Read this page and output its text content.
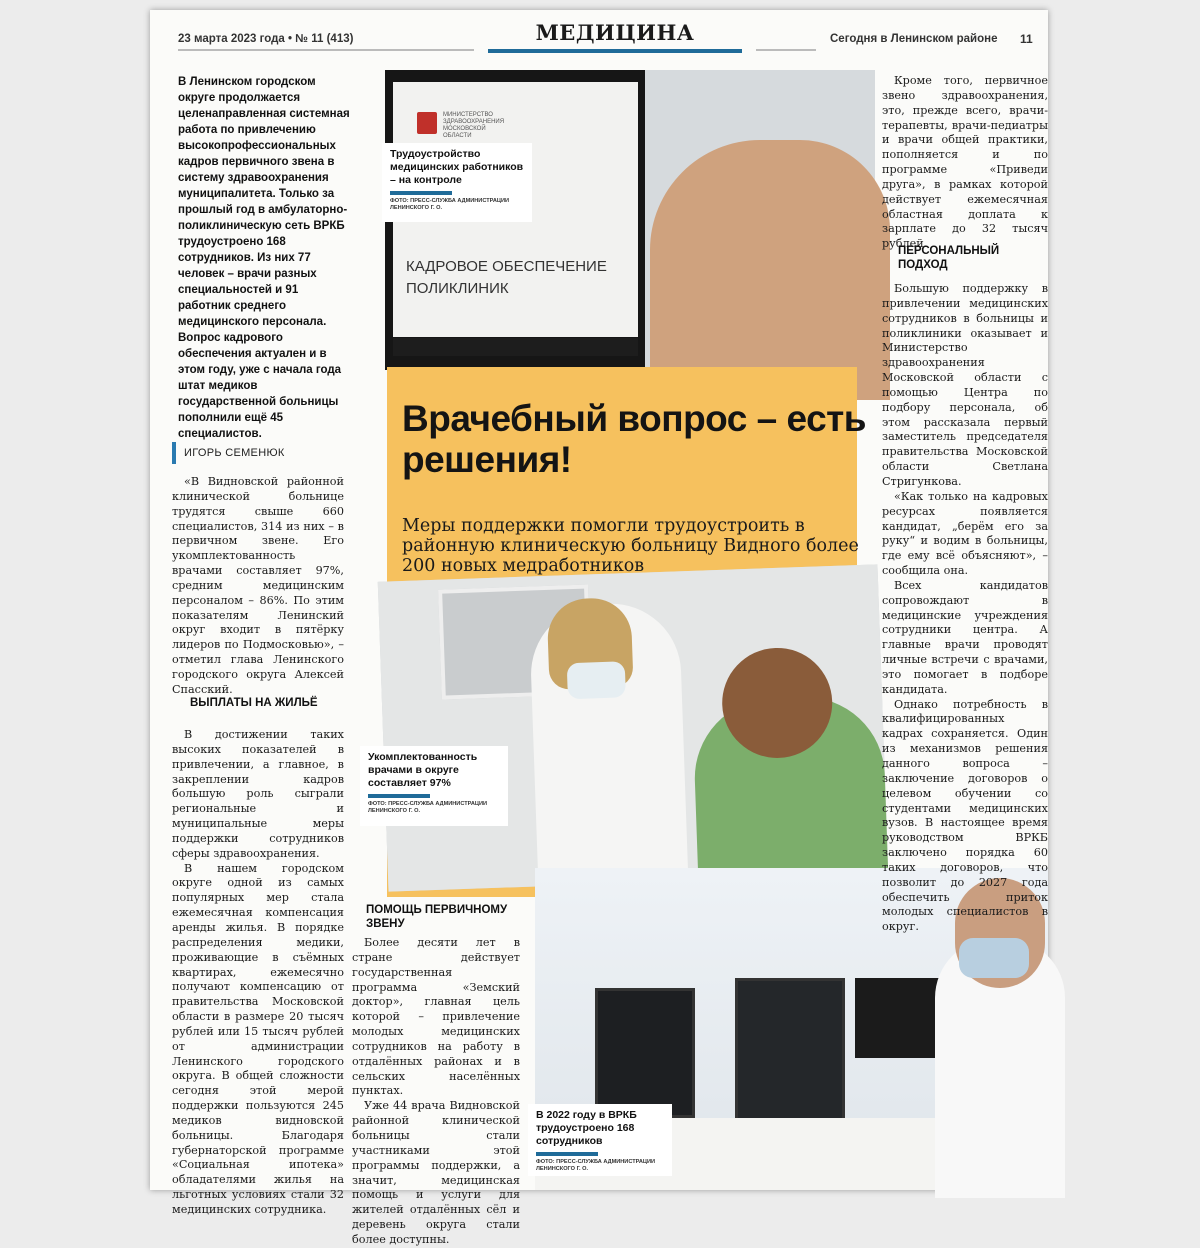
23 марта 2023 года • № 11 (413)	МЕДИЦИНА	Сегодня в Ленинском районе 11
В Ленинском городском округе продолжается целенаправленная системная работа по привлечению высокопрофессиональных кадров первичного звена в систему здравоохранения муниципалитета. Только за прошлый год в амбулаторно-поликлиническую сеть ВРКБ трудоустроено 168 сотрудников. Из них 77 человек – врачи разных специальностей и 91 работник среднего медицинского персонала. Вопрос кадрового обеспечения актуален и в этом году, уже с начала года штат медиков государственной больницы пополнили ещё 45 специалистов.
ИГОРЬ СЕМЕНЮК

«В Видновской районной клинической больнице трудятся свыше 660 специалистов, 314 из них – в первичном звене. Его укомплектованность врачами составляет 97%, средним медицинским персоналом – 86%. По этим показателям Ленинский округ входит в пятёрку лидеров по Подмосковью», – отметил глава Ленинского городского округа Алексей Спасский.

ВЫПЛАТЫ НА ЖИЛЬЁ

В достижении таких высоких показателей в привлечении, а главное, в закреплении кадров большую роль сыграли региональные и муниципальные меры поддержки сотрудников сферы здравоохранения.

В нашем городском округе одной из самых популярных мер стала ежемесячная компенсация аренды жилья. В порядке распределения медики, проживающие в съёмных квартирах, ежемесячно получают компенсацию от правительства Московской области в размере 20 тысяч рублей или 15 тысяч рублей от администрации Ленинского городского округа. В общей сложности сегодня этой мерой поддержки пользуются 245 медиков видновской больницы. Благодаря губернаторской программе «Социальная ипотека» обладателями жилья на льготных условиях стали 32 медицинских сотрудника.

МИНИСТЕРСТВО ЗДРАВООХРАНЕНИЯ МОСКОВСКОЙ ОБЛАСТИ
КАДРОВОЕ ОБЕСПЕЧЕНИЕ ПОЛИКЛИНИК
Трудоустройство медицинских работников – на контроле
ФОТО: ПРЕСС-СЛУЖБА АДМИНИСТРАЦИИ ЛЕНИНСКОГО Г. О.
Врачебный вопрос – есть решения!
Меры поддержки помогли трудоустроить в районную клиническую больницу Видного более 200 новых медработников
Укомплектованность врачами в округе составляет 97%
ФОТО: ПРЕСС-СЛУЖБА АДМИНИСТРАЦИИ ЛЕНИНСКОГО Г. О.
В 2022 году в ВРКБ трудоустроено 168 сотрудников
ФОТО: ПРЕСС-СЛУЖБА АДМИНИСТРАЦИИ ЛЕНИНСКОГО Г. О.
ПОМОЩЬ ПЕРВИЧНОМУ ЗВЕНУ

Более десяти лет в стране действует государственная программа «Земский доктор», главная цель которой – привлечение молодых медицинских сотрудников на работу в отдалённых районах и в сельских населённых пунктах.

Уже 44 врача Видновской районной клинической больницы стали участниками этой программы поддержки, а значит, медицинская помощь и услуги для жителей отдалённых сёл и деревень округа стали более доступны.

Кроме того, первичное звено здравоохранения, это, прежде всего, врачи-терапевты, врачи-педиатры и врачи общей практики, пополняется и по программе «Приведи друга», в рамках которой действует ежемесячная областная доплата к зарплате до 32 тысяч рублей.

ПЕРСОНАЛЬНЫЙ ПОДХОД

Большую поддержку в привлечении медицинских сотрудников в больницы и поликлиники оказывает и Министерство здравоохранения Московской области с помощью Центра по подбору персонала, об этом рассказала первый заместитель председателя правительства Московской области Светлана Стригункова.

«Как только на кадровых ресурсах появляется кандидат, „берём его за руку“ и водим в больницы, где ему всё объясняют», – сообщила она.

Всех кандидатов сопровождают в медицинские учреждения сотрудники центра. А главные врачи проводят личные встречи с врачами, это помогает в подборе кандидата.

Однако потребность в квалифицированных кадрах сохраняется. Один из механизмов решения данного вопроса – заключение договоров о целевом обучении со студентами медицинских вузов. В настоящее время руководством ВРКБ заключено порядка 60 таких договоров, что позволит до 2027 года обеспечить приток молодых специалистов в округ.
